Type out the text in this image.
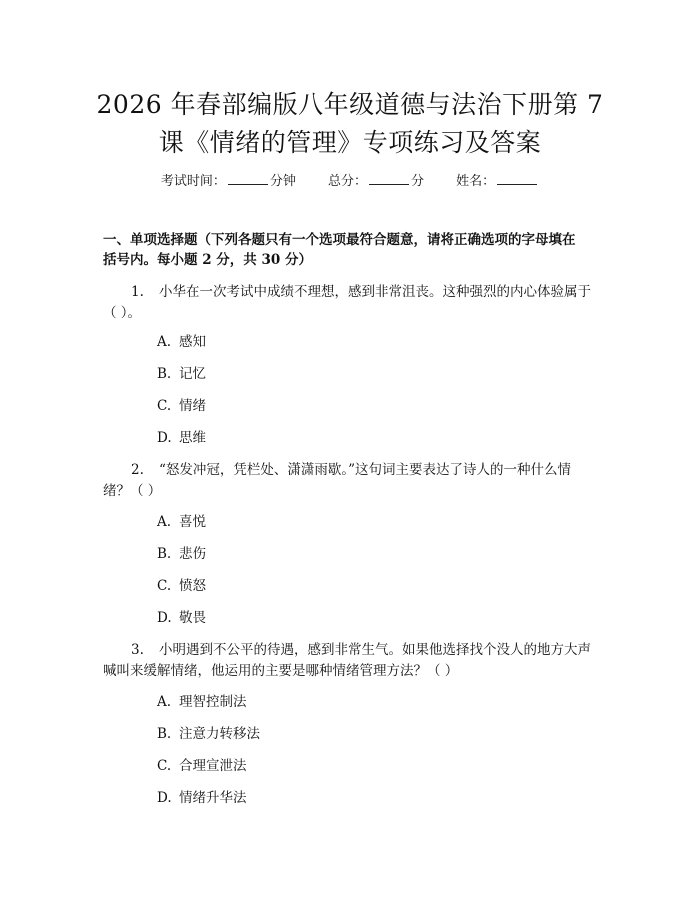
2026 年春部编版八年级道德与法治下册第 7
课《情绪的管理》专项练习及答案
考试时间：	分钟 总分：	分 姓名：
一、单项选择题（下列各题只有一个选项最符合题意，请将正确选项的字母填在
括号内。每小题 2 分，共 30 分）
1. 小华在一次考试中成绩不理想，感到非常沮丧。这种强烈的内心体验属于
（ ）。
A. 感知
B. 记忆
C. 情绪
D. 思维
2. “怒发冲冠，凭栏处、潇潇雨歇。”这句词主要表达了诗人的一种什么情
绪？（ ）
A. 喜悦
B. 悲伤
C. 愤怒
D. 敬畏
3. 小明遇到不公平的待遇，感到非常生气。如果他选择找个没人的地方大声
喊叫来缓解情绪，他运用的主要是哪种情绪管理方法？（ ）
A. 理智控制法
B. 注意力转移法
C. 合理宣泄法
D. 情绪升华法
